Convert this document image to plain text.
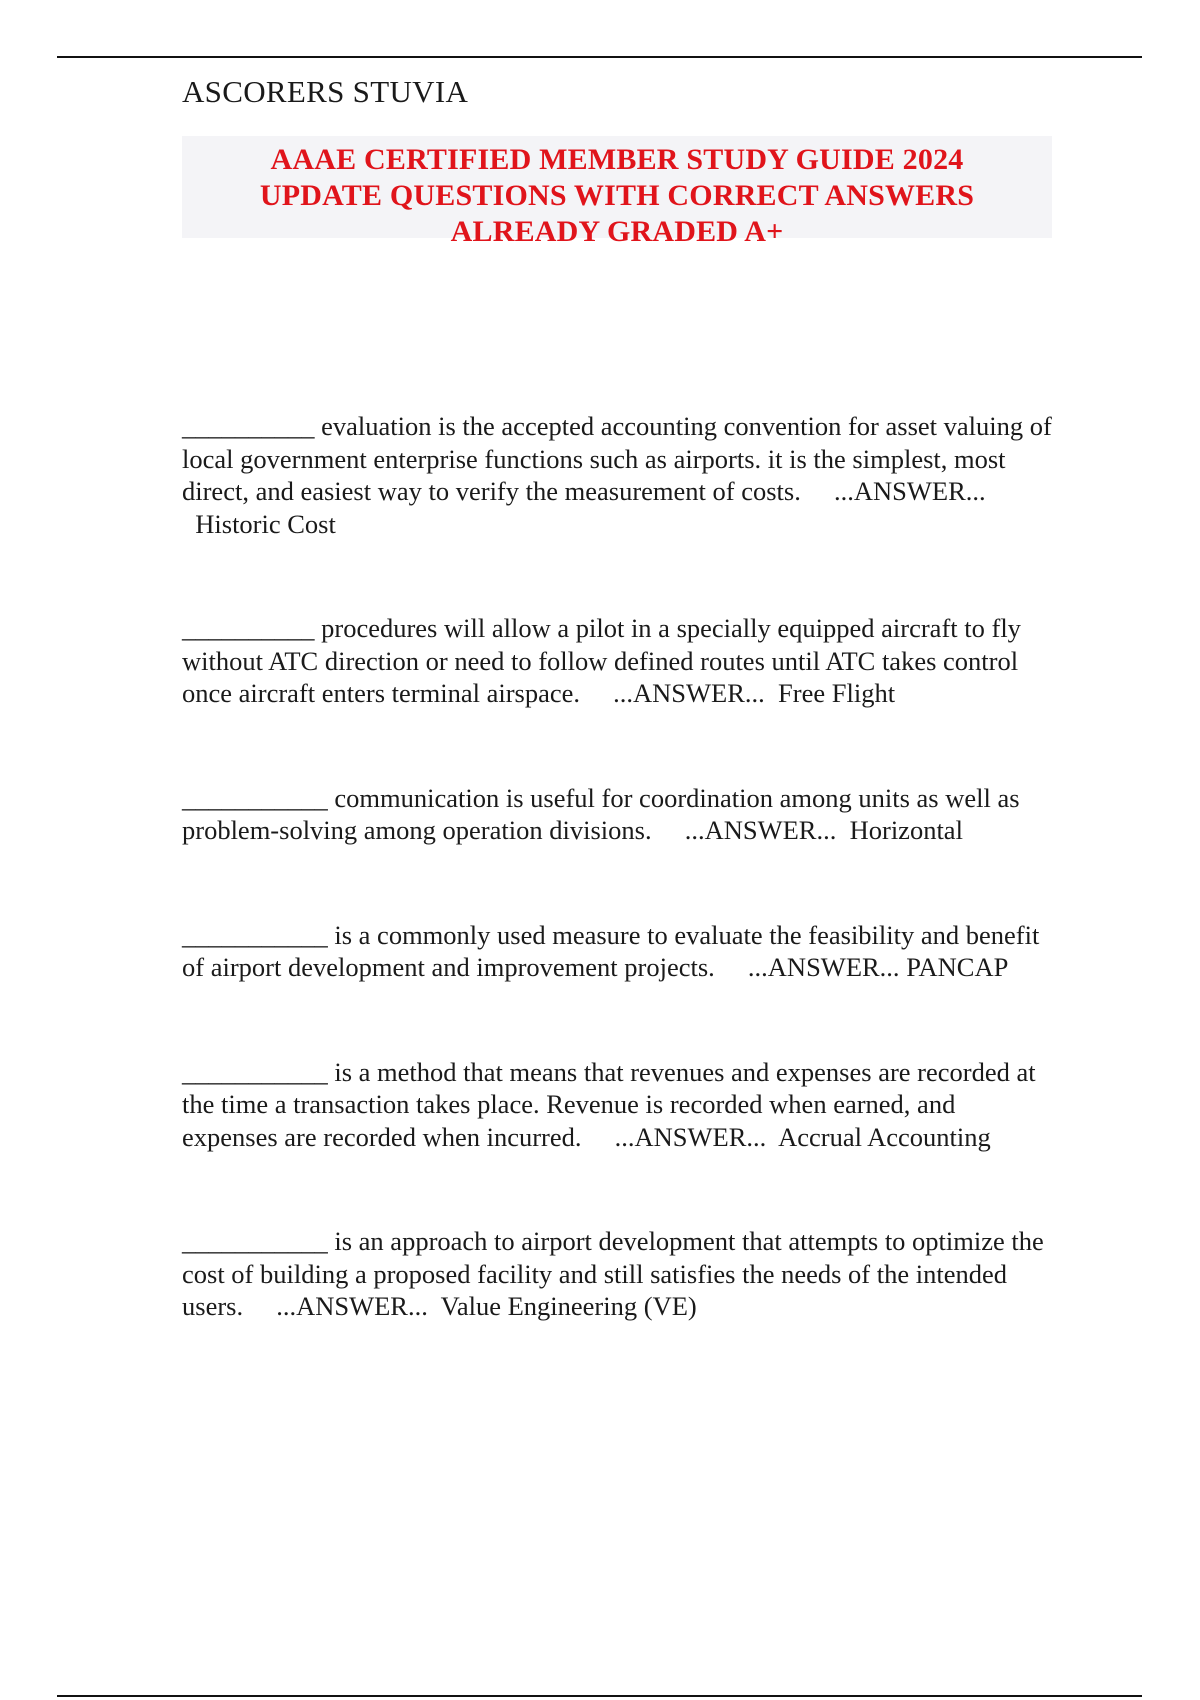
ASCORERS STUVIA

AAAE CERTIFIED MEMBER STUDY GUIDE 2024
UPDATE QUESTIONS WITH CORRECT ANSWERS
ALREADY GRADED A+

__________ evaluation is the accepted accounting convention for asset valuing of local government enterprise functions such as airports. it is the simplest, most direct, and easiest way to verify the measurement of costs. ...ANSWER...  Historic Cost

__________ procedures will allow a pilot in a specially equipped aircraft to fly without ATC direction or need to follow defined routes until ATC takes control once aircraft enters terminal airspace. ...ANSWER... Free Flight

___________ communication is useful for coordination among units as well as problem-solving among operation divisions. ...ANSWER... Horizontal

___________ is a commonly used measure to evaluate the feasibility and benefit of airport development and improvement projects. ...ANSWER... PANCAP

___________ is a method that means that revenues and expenses are recorded at the time a transaction takes place. Revenue is recorded when earned, and expenses are recorded when incurred. ...ANSWER... Accrual Accounting

___________ is an approach to airport development that attempts to optimize the cost of building a proposed facility and still satisfies the needs of the intended users. ...ANSWER... Value Engineering (VE)
